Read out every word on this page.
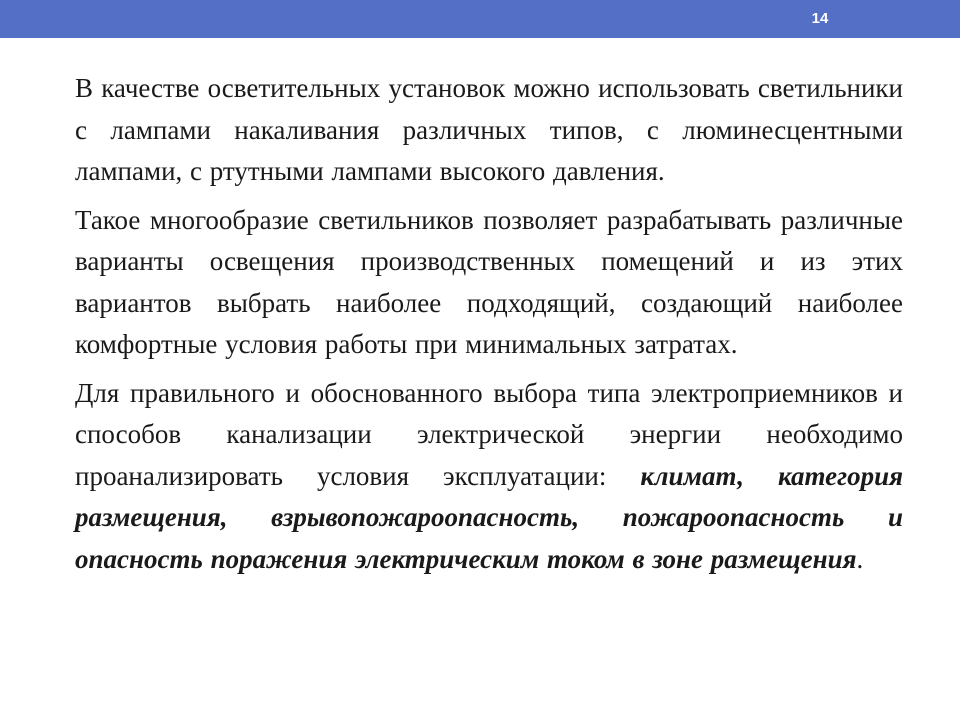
14

В качестве осветительных установок можно использовать светильники с лампами накаливания различных типов, с люминесцентными лампами, с ртутными лампами высокого давления.

Такое многообразие светильников позволяет разрабатывать различные варианты освещения производственных помещений и из этих вариантов выбрать наиболее подходящий, создающий наиболее комфортные условия работы при минимальных затратах.

Для правильного и обоснованного выбора типа электроприемников и способов канализации электрической энергии необходимо проанализировать условия эксплуатации: климат, категория размещения, взрывопожароопасность, пожароопасность и опасность поражения электрическим током в зоне размещения.
